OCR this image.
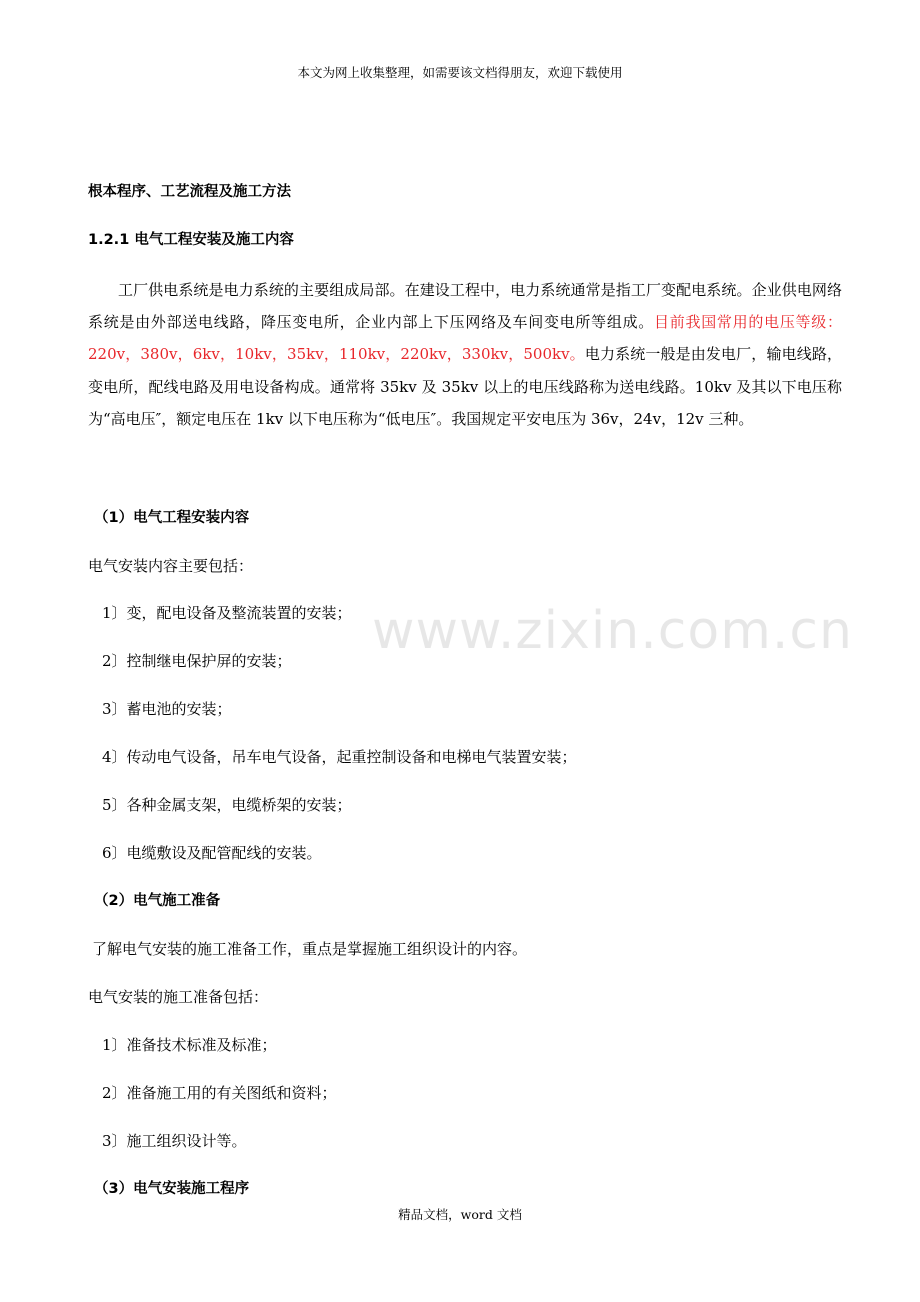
本文为网上收集整理，如需要该文档得朋友，欢迎下载使用
www.zixin.com.cn

根本程序、工艺流程及施工方法

1.2.1 电气工程安装及施工内容

工厂供电系统是电力系统的主要组成局部。在建设工程中，电力系统通常是指工厂变配电系统。企业供电网络系统是由外部送电线路，降压变电所，企业内部上下压网络及车间变电所等组成。目前我国常用的电压等级：220v，380v，6kv，10kv，35kv，110kv，220kv，330kv，500kv。电力系统一般是由发电厂，输电线路，变电所，配线电路及用电设备构成。通常将 35kv 及 35kv 以上的电压线路称为送电线路。10kv 及其以下电压称为“高电压″，额定电压在 1kv 以下电压称为“低电压″。我国规定平安电压为 36v，24v，12v 三种。

（1）电气工程安装内容

电气安装内容主要包括：

1〕变，配电设备及整流装置的安装；

2〕控制继电保护屏的安装；

3〕蓄电池的安装；

4〕传动电气设备，吊车电气设备，起重控制设备和电梯电气装置安装；

5〕各种金属支架，电缆桥架的安装；

6〕电缆敷设及配管配线的安装。

（2）电气施工准备

了解电气安装的施工准备工作，重点是掌握施工组织设计的内容。

电气安装的施工准备包括：

1〕准备技术标准及标准；

2〕准备施工用的有关图纸和资料；

3〕施工组织设计等。

（3）电气安装施工程序

精品文档，word 文档
